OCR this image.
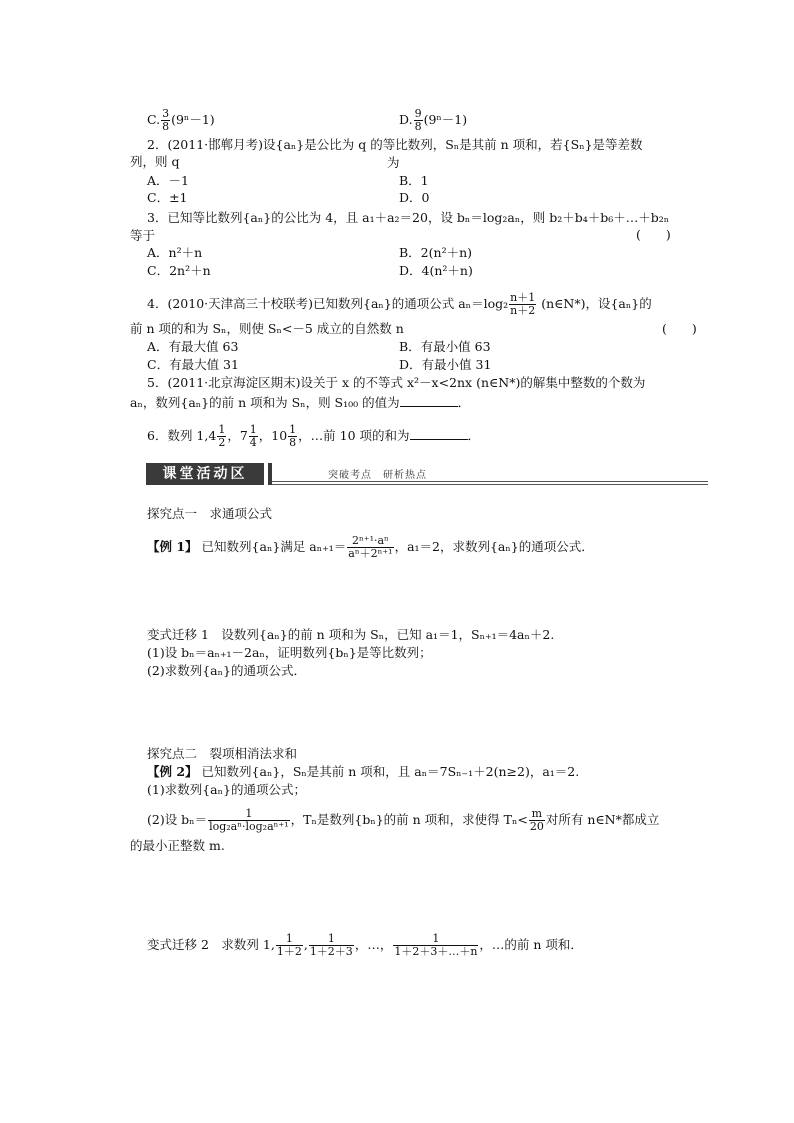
C. $\frac{3}{8} (9^n-1)$	D. $\frac{9}{8} (9^n-1)$
2．(2011·邯郸月考)设{aₙ}是公比为 q 的等比数列，Sₙ是其前 n 项和，若{Sₙ}是等差数
列，则 q	为
A．－1	B．1
C．±1	D．0
3．已知等比数列{aₙ}的公比为 4，且 a₁＋a₂＝20，设 bₙ＝log₂aₙ，则 b₂＋b₄＋b₆＋…＋b₂ₙ
等于	(　　)
A．n²＋n	B．2(n²＋n)
C．2n²＋n	D．4(n²＋n)
4．(2010·天津高三十校联考)已知数列{aₙ}的通项公式 $a_n=\log_2 \frac{n+1}{n+2}$ (n∈N*)，设{aₙ}的
前 n 项的和为 Sₙ，则使 Sₙ<－5 成立的自然数 n	(　　)
A．有最大值 63	B．有最小值 63
C．有最大值 31	D．有最小值 31
5．(2011·北京海淀区期末)设关于 x 的不等式 x²－x<2nx (n∈N*)的解集中整数的个数为
aₙ，数列{aₙ}的前 n 项和为 Sₙ，则 S₁₀₀ 的值为	．
6．数列 $1,4 \frac{1}{2}$ ，$7 \frac{1}{4}$ ，$10 \frac{1}{8}$ ，…前 10 项的和为	．
课堂活动区	突破考点　研析热点
探究点一　求通项公式
【例 1】 已知数列{aₙ}满足 $a_{n+1}= \frac{\text{2ⁿ⁺¹·aⁿ}}{\text{aⁿ＋2ⁿ⁺¹}}$ ，a₁＝2，求数列{aₙ}的通项公式．
变式迁移 1　设数列{aₙ}的前 n 项和为 Sₙ，已知 a₁＝1，Sₙ₊₁＝4aₙ＋2.
(1)设 bₙ＝aₙ₊₁－2aₙ，证明数列{bₙ}是等比数列；
(2)求数列{aₙ}的通项公式．
探究点二　裂项相消法求和
【例 2】 已知数列{aₙ}，Sₙ是其前 n 项和，且 aₙ＝7Sₙ₋₁＋2(n≥2)，a₁＝2.
(1)求数列{aₙ}的通项公式；
(2)设 $b_n= \frac{1}{\text{log₂aⁿ·log₂aⁿ⁺¹}}$ ，Tₙ是数列{bₙ}的前 n 项和，求使得 $T_n< \frac{m}{20}$ 对所有 n∈N*都成立
的最小正整数 m.
变式迁移 2　求数列 1, $\frac{1}{1+2}$ , $\frac{1}{1+2+3}$ ，…， $\frac{1}{1+2+3+\dots+n}$ ，…的前 n 项和．
